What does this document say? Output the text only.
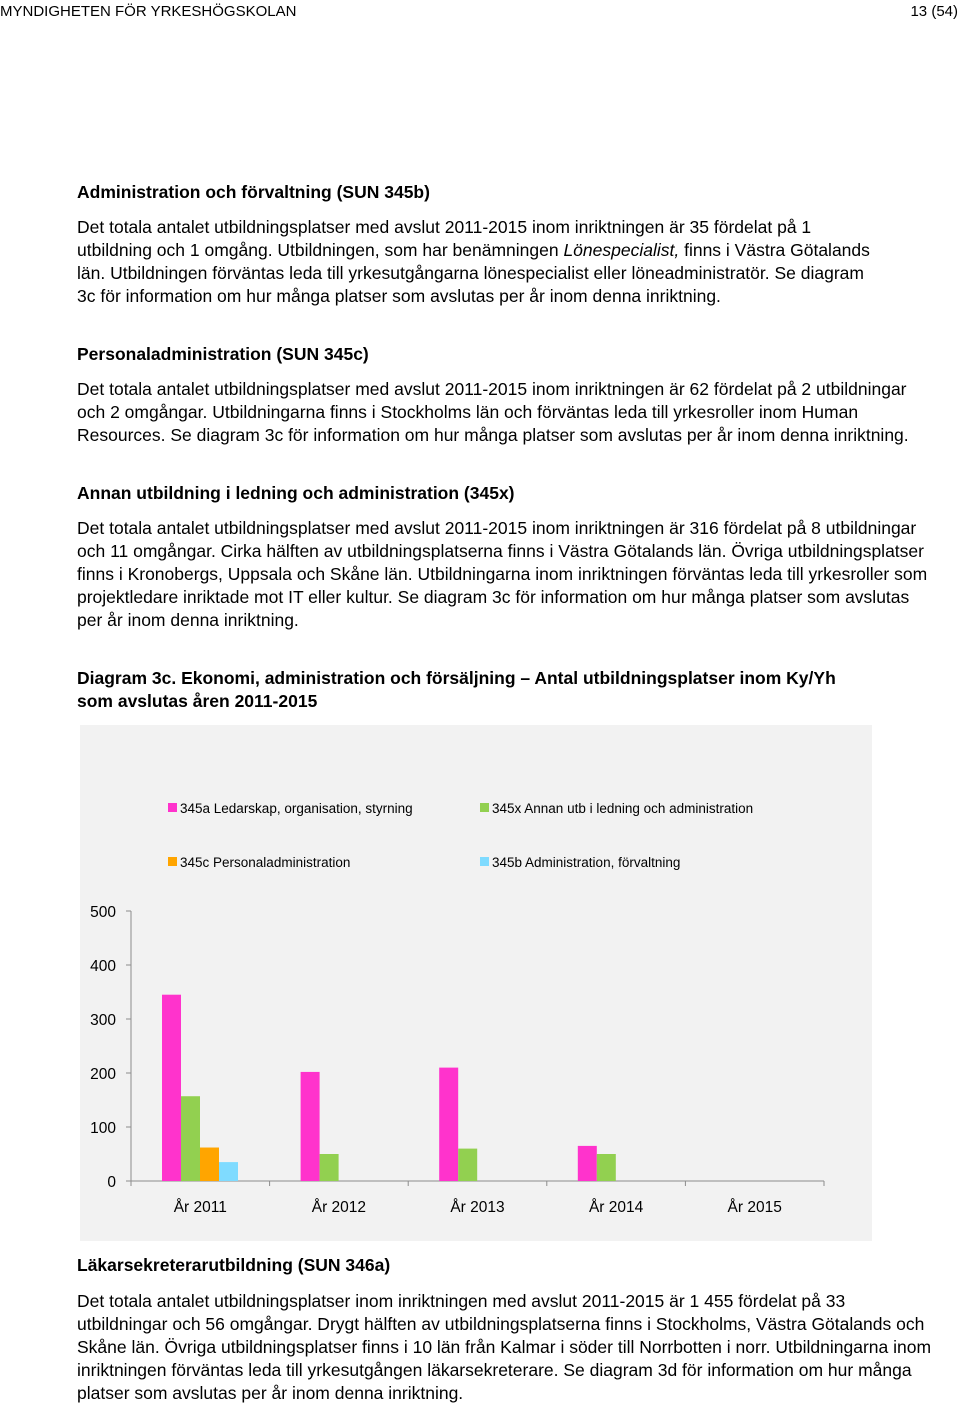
MYNDIGHETEN FÖR YRKESHÖGSKOLAN	13 (54)
Administration och förvaltning (SUN 345b)

Det totala antalet utbildningsplatser med avslut 2011-2015 inom inriktningen är 35 fördelat på 1 utbildning och 1 omgång. Utbildningen, som har benämningen Lönespecialist, finns i Västra Götalands län. Utbildningen förväntas leda till yrkesutgångarna lönespecialist eller löneadministratör. Se diagram 3c för information om hur många platser som avslutas per år inom denna inriktning.

Personaladministration (SUN 345c)

Det totala antalet utbildningsplatser med avslut 2011-2015 inom inriktningen är 62 fördelat på 2 utbildningar och 2 omgångar. Utbildningarna finns i Stockholms län och förväntas leda till yrkesroller inom Human Resources. Se diagram 3c för information om hur många platser som avslutas per år inom denna inriktning.

Annan utbildning i ledning och administration (345x)

Det totala antalet utbildningsplatser med avslut 2011-2015 inom inriktningen är 316 fördelat på 8 utbildningar och 11 omgångar. Cirka hälften av utbildningsplatserna finns i Västra Götalands län. Övriga utbildningsplatser finns i Kronobergs, Uppsala och Skåne län. Utbildningarna inom inriktningen förväntas leda till yrkesroller som projektledare inriktade mot IT eller kultur. Se diagram 3c för information om hur många platser som avslutas per år inom denna inriktning.

Diagram 3c. Ekonomi, administration och försäljning – Antal utbildningsplatser inom Ky/Yh som avslutas åren 2011-2015
0
100
200
300
400
500
År 2011	År 2012	År 2013	År 2014	År 2015
345a Ledarskap, organisation, styrning	345x Annan utb i ledning och administration
345c Personaladministration	345b Administration, förvaltning
Läkarsekreterarutbildning (SUN 346a)

Det totala antalet utbildningsplatser inom inriktningen med avslut 2011-2015 är 1 455 fördelat på 33 utbildningar och 56 omgångar. Drygt hälften av utbildningsplatserna finns i Stockholms, Västra Götalands och Skåne län. Övriga utbildningsplatser finns i 10 län från Kalmar i söder till Norrbotten i norr. Utbildningarna inom inriktningen förväntas leda till yrkesutgången läkarsekreterare. Se diagram 3d för information om hur många platser som avslutas per år inom denna inriktning.
